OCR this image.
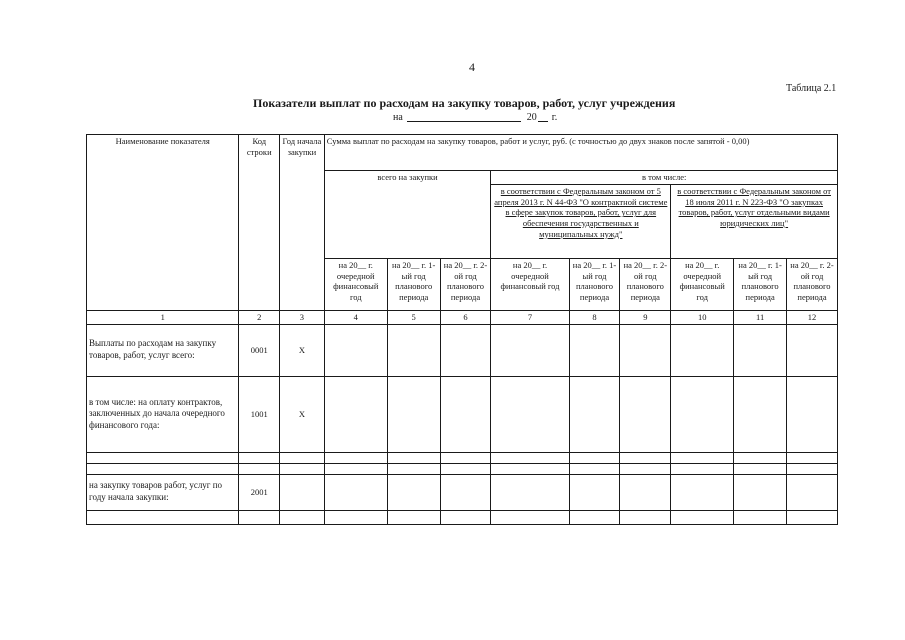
4
Таблица 2.1
Показатели выплат по расходам на закупку товаров, работ, услуг учреждения
на	20 г.
Наименование показателя	Код строки	Год начала закупки	Сумма выплат по расходам на закупку товаров, работ и услуг, руб. (с точностью до двух знаков после запятой - 0,00)								
			всего на закупки			в том числе:					
						в соответствии с Федеральным законом от 5 апреля 2013 г. N 44-ФЗ "О контрактной системе в сфере закупок товаров, работ, услуг для обеспечения государственных и муниципальных нужд"			в соответствии с Федеральным законом от 18 июля 2011 г. N 223-ФЗ "О закупках товаров, работ, услуг отдельными видами юридических лиц"		
			на 20__ г. очередной финансовый год	на 20__ г. 1-ый год планового периода	на 20__ г. 2-ой год планового периода	на 20__ г. очередной финансовый год	на 20__ г. 1-ый год планового периода	на 20__ г. 2-ой год планового периода	на 20__ г. очередной финансовый год	на 20__ г. 1-ый год планового периода	на 20__ г. 2-ой год планового периода
1	2	3	4	5	6	7	8	9	10	11	12
Выплаты по расходам на закупку товаров, работ, услуг всего:	0001	X									
в том числе: на оплату контрактов, заключенных до начала очередного финансового года:	1001	X									

на закупку товаров работ, услуг по году начала закупки:	2001										
